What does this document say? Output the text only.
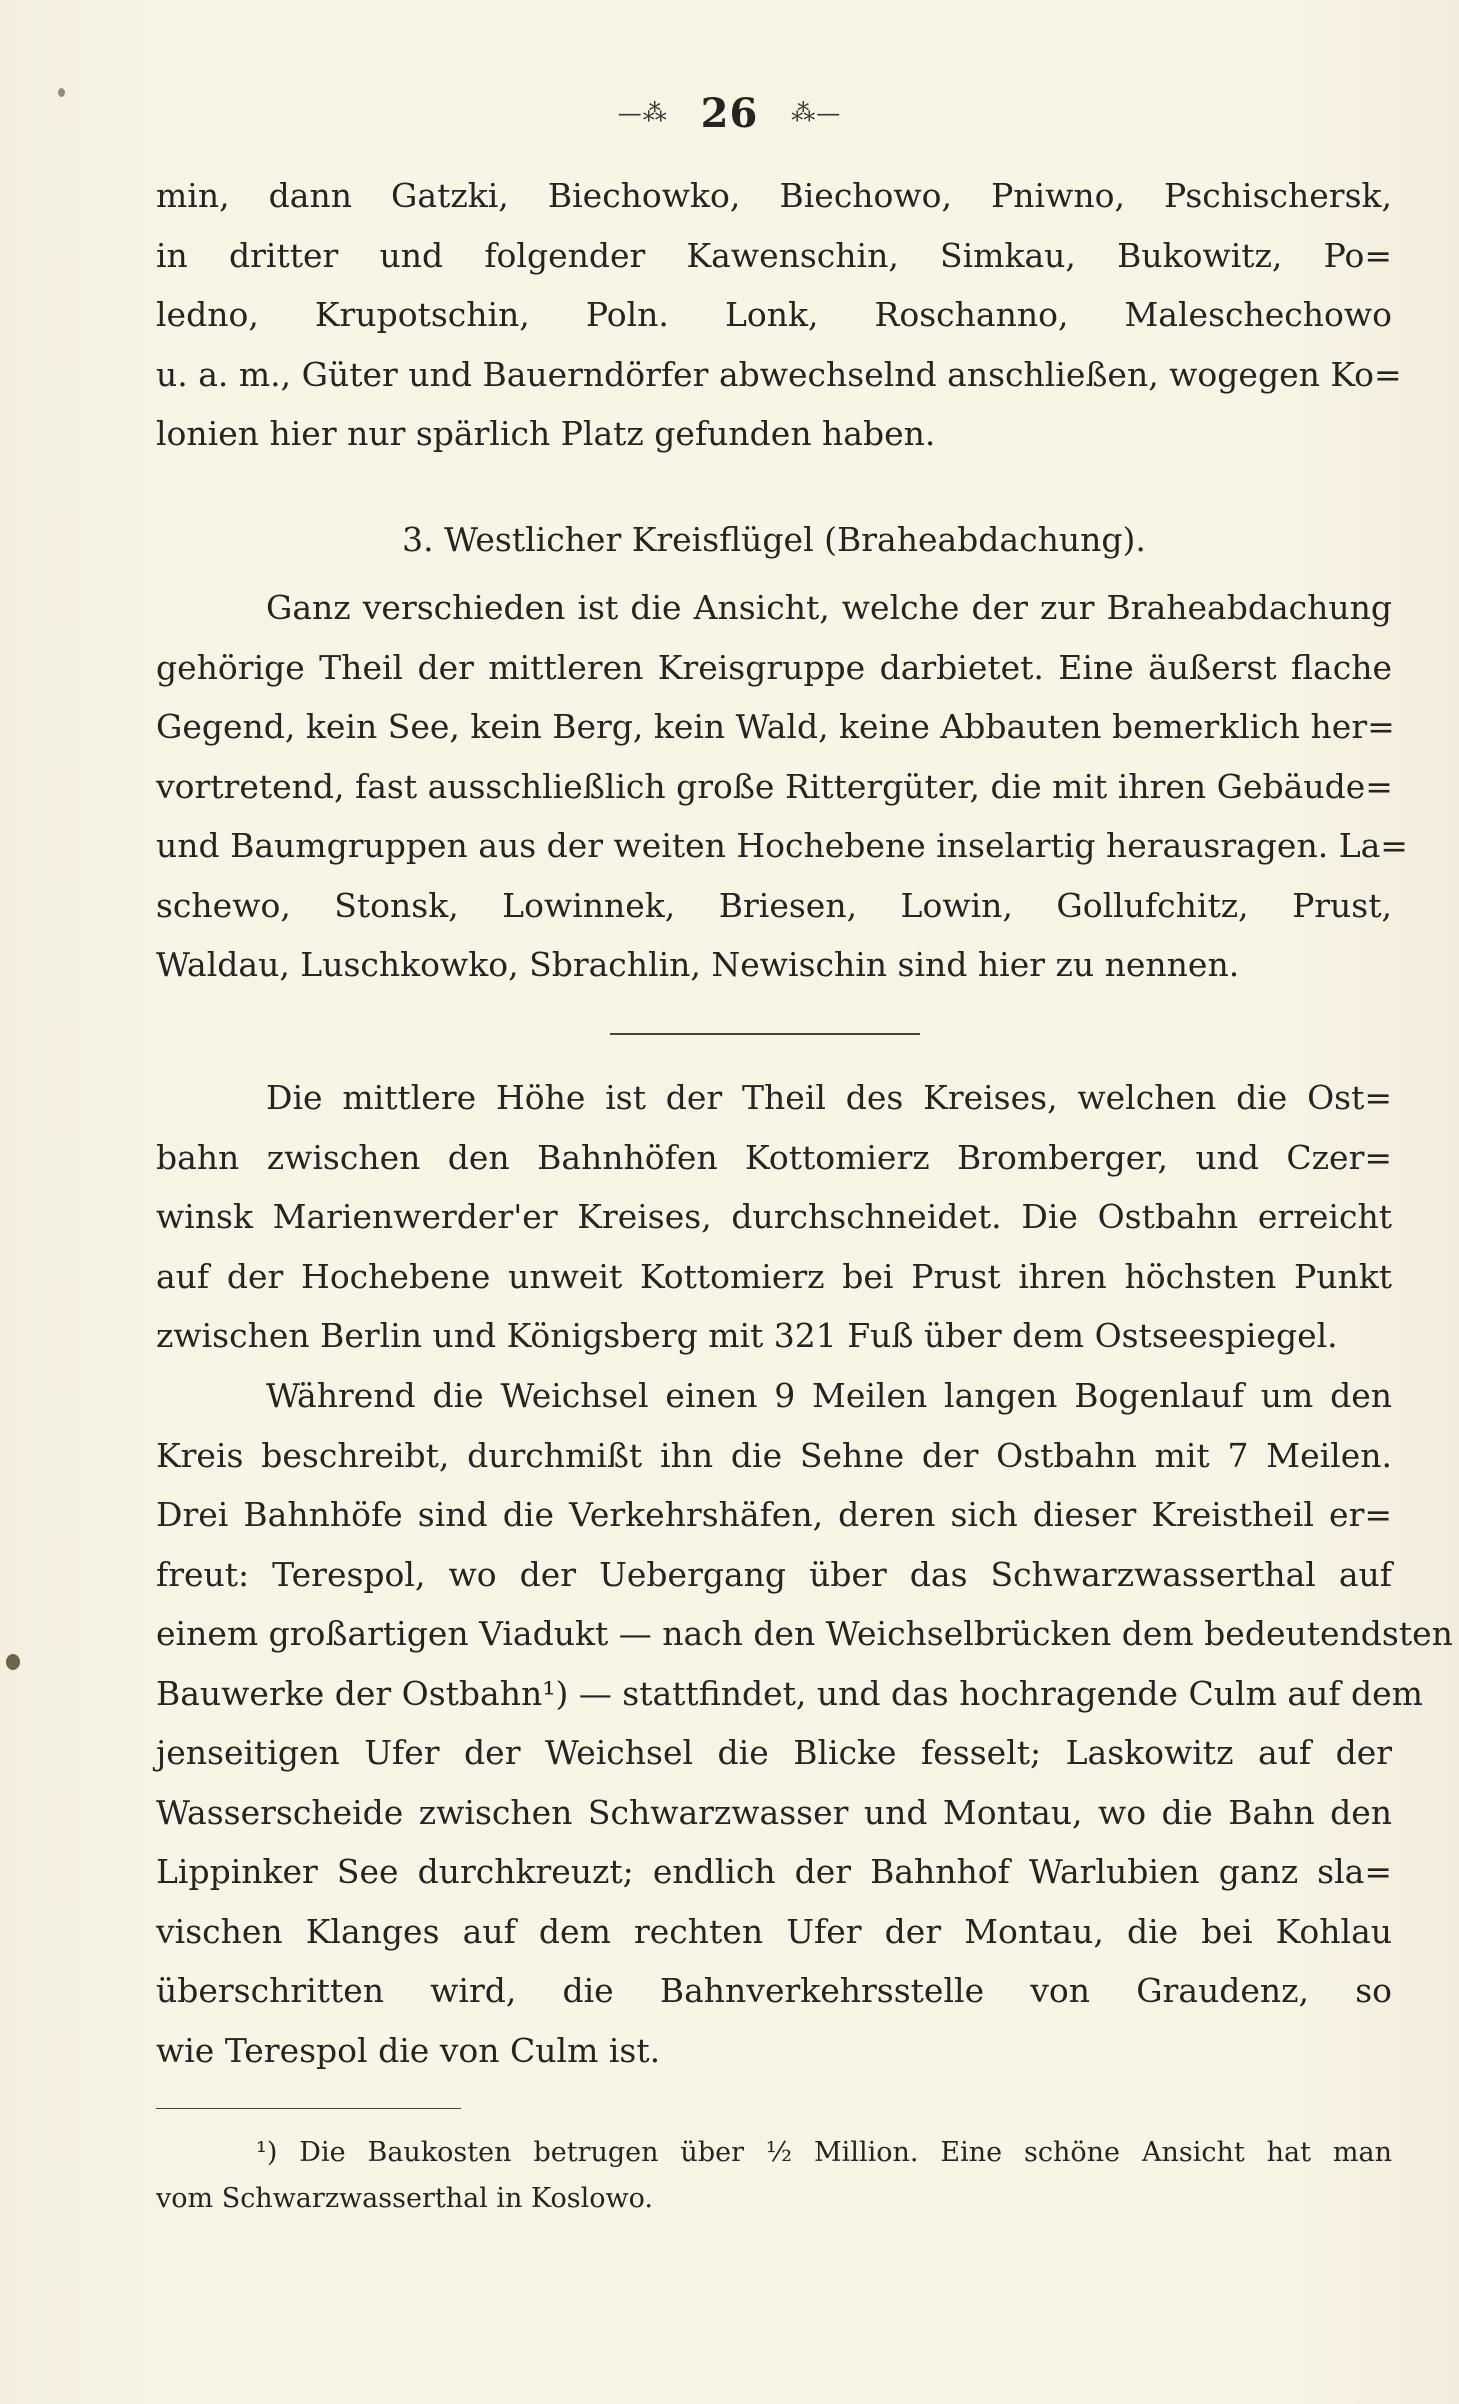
—⁂ 26 ⁂—
min, dann Gatzki, Biechowko, Biechowo, Pniwno, Pschischersk,
in dritter und folgender Kawenschin, Simkau, Bukowitz, Po=
ledno, Krupotschin, Poln. Lonk, Roschanno, Maleschechowo
u. a. m., Güter und Bauerndörfer abwechselnd anschließen, wogegen Ko=
lonien hier nur spärlich Platz gefunden haben.
3. Westlicher Kreisflügel (Braheabdachung).
Ganz verschieden ist die Ansicht, welche der zur Braheabdachung
gehörige Theil der mittleren Kreisgruppe darbietet. Eine äußerst flache
Gegend, kein See, kein Berg, kein Wald, keine Abbauten bemerklich her=
vortretend, fast ausschließlich große Rittergüter, die mit ihren Gebäude=
und Baumgruppen aus der weiten Hochebene inselartig herausragen. La=
schewo, Stonsk, Lowinnek, Briesen, Lowin, Gollufchitz, Prust,
Waldau, Luschkowko, Sbrachlin, Newischin sind hier zu nennen.
Die mittlere Höhe ist der Theil des Kreises, welchen die Ost=
bahn zwischen den Bahnhöfen Kottomierz Bromberger, und Czer=
winsk Marienwerder'er Kreises, durchschneidet. Die Ostbahn erreicht
auf der Hochebene unweit Kottomierz bei Prust ihren höchsten Punkt
zwischen Berlin und Königsberg mit 321 Fuß über dem Ostseespiegel.
Während die Weichsel einen 9 Meilen langen Bogenlauf um den
Kreis beschreibt, durchmißt ihn die Sehne der Ostbahn mit 7 Meilen.
Drei Bahnhöfe sind die Verkehrshäfen, deren sich dieser Kreistheil er=
freut: Terespol, wo der Uebergang über das Schwarzwasserthal auf
einem großartigen Viadukt — nach den Weichselbrücken dem bedeutendsten
Bauwerke der Ostbahn¹) — stattfindet, und das hochragende Culm auf dem
jenseitigen Ufer der Weichsel die Blicke fesselt; Laskowitz auf der
Wasserscheide zwischen Schwarzwasser und Montau, wo die Bahn den
Lippinker See durchkreuzt; endlich der Bahnhof Warlubien ganz sla=
vischen Klanges auf dem rechten Ufer der Montau, die bei Kohlau
überschritten wird, die Bahnverkehrsstelle von Graudenz, so
wie Terespol die von Culm ist.
¹) Die Baukosten betrugen über ½ Million. Eine schöne Ansicht hat man
vom Schwarzwasserthal in Koslowo.
